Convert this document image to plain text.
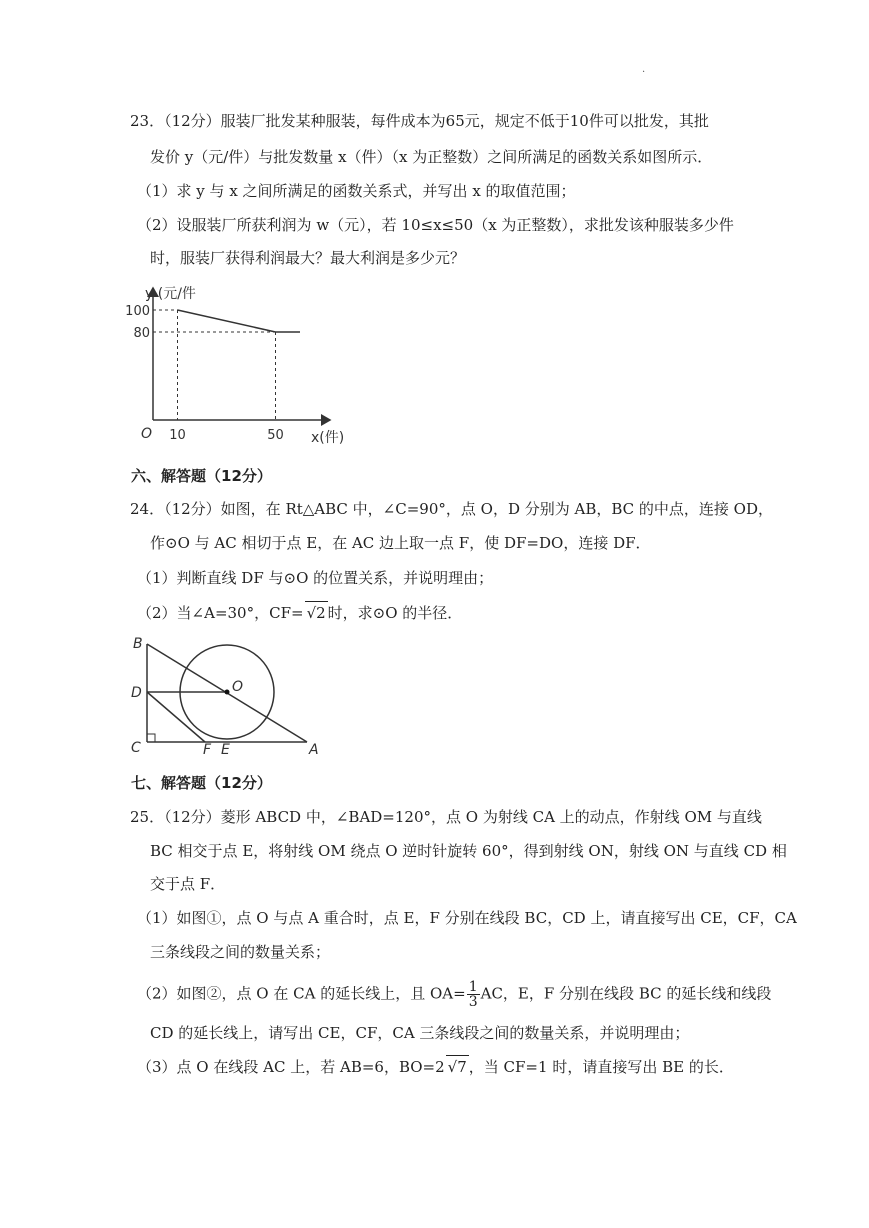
.
23．（12分）服装厂批发某种服装，每件成本为65元，规定不低于10件可以批发，其批
发价 y（元/件）与批发数量 x（件）（x 为正整数）之间所满足的函数关系如图所示．
（1）求 y 与 x 之间所满足的函数关系式，并写出 x 的取值范围；
（2）设服装厂所获利润为 w（元），若 10≤x≤50（x 为正整数），求批发该种服装多少件
时，服装厂获得利润最大？最大利润是多少元？
y (元/件
x(件)
O 10	50
100
80
六、解答题（12分）
24．（12分）如图，在 Rt△ABC 中，∠C=90°，点 O，D 分别为 AB，BC 的中点，连接 OD，
作⊙O 与 AC 相切于点 E，在 AC 边上取一点 F，使 DF=DO，连接 DF．
（1）判断直线 DF 与⊙O 的位置关系，并说明理由；
（2）当∠A=30°，CF= √2 时，求⊙O 的半径．
B
D
C	F E	A
O
七、解答题（12分）
25．（12分）菱形 ABCD 中，∠BAD=120°，点 O 为射线 CA 上的动点，作射线 OM 与直线
BC 相交于点 E，将射线 OM 绕点 O 逆时针旋转 60°，得到射线 ON，射线 ON 与直线 CD 相
交于点 F．
（1）如图①，点 O 与点 A 重合时，点 E，F 分别在线段 BC，CD 上，请直接写出 CE，CF，CA
三条线段之间的数量关系；
（2）如图②，点 O 在 CA 的延长线上，且 $OA= \frac{1}{3}$ AC，E，F 分别在线段 BC 的延长线和线段
CD 的延长线上，请写出 CE，CF，CA 三条线段之间的数量关系，并说明理由；
（3）点 O 在线段 AC 上，若 AB=6，BO=2 √7 ，当 CF=1 时，请直接写出 BE 的长．
